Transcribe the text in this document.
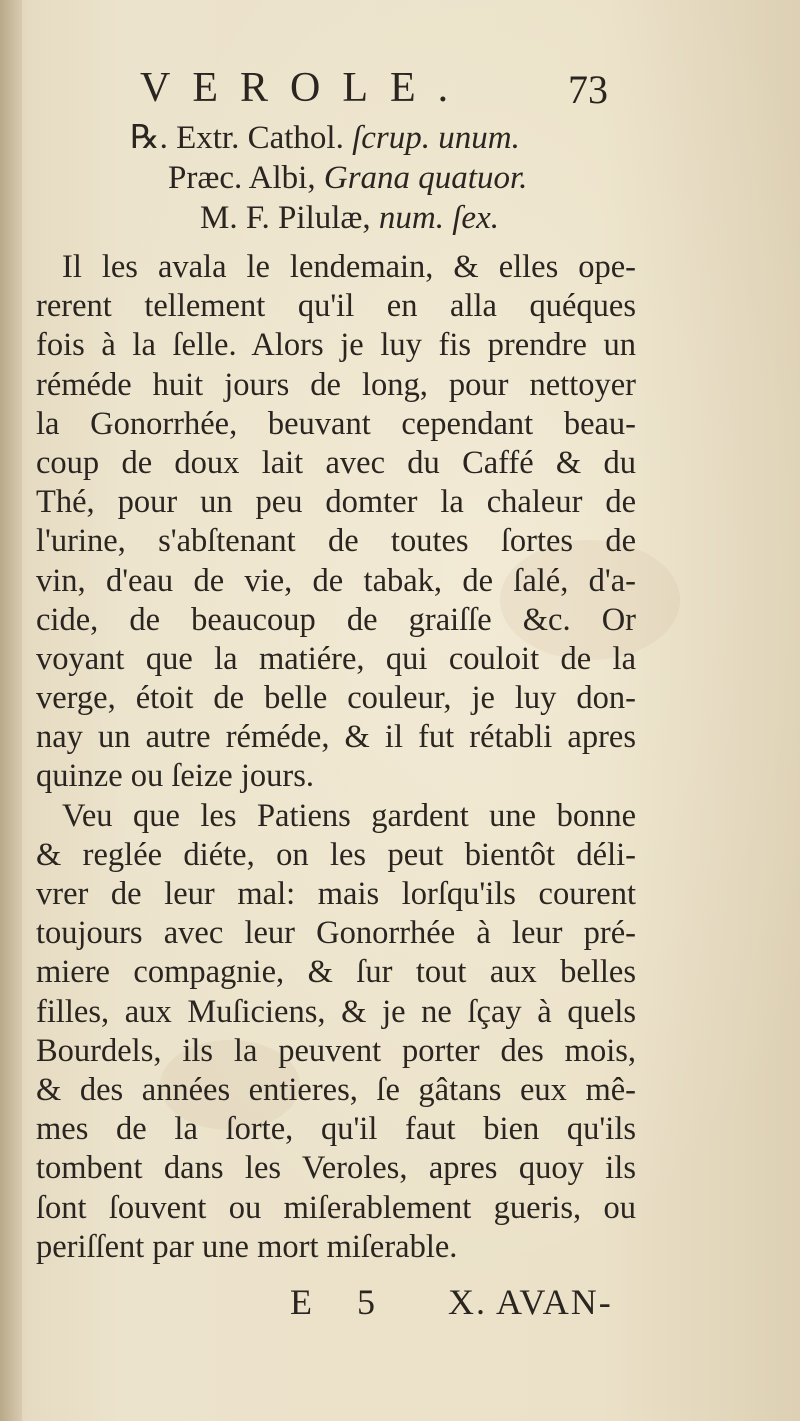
VEROLE. 73
℞. Extr. Cathol. ſcrup. unum.
Præc. Albi, Grana quatuor.
M. F. Pilulæ, num. ſex.
Il les avala le lendemain, & elles ope-
rerent tellement qu'il en alla quéques
fois à la ſelle. Alors je luy fis prendre un
réméde huit jours de long, pour nettoyer
la Gonorrhée, beuvant cependant beau-
coup de doux lait avec du Caffé & du
Thé, pour un peu domter la chaleur de
l'urine, s'abſtenant de toutes ſortes de
vin, d'eau de vie, de tabak, de ſalé, d'a-
cide, de beaucoup de graiſſe &c. Or
voyant que la matiére, qui couloit de la
verge, étoit de belle couleur, je luy don-
nay un autre réméde, & il fut rétabli apres
quinze ou ſeize jours.
Veu que les Patiens gardent une bonne
& reglée diéte, on les peut bientôt déli-
vrer de leur mal: mais lorſqu'ils courent
toujours avec leur Gonorrhée à leur pré-
miere compagnie, & ſur tout aux belles
filles, aux Muſiciens, & je ne ſçay à quels
Bourdels, ils la peuvent porter des mois,
& des années entieres, ſe gâtans eux mê-
mes de la ſorte, qu'il faut bien qu'ils
tombent dans les Veroles, apres quoy ils
ſont ſouvent ou miſerablement gueris, ou
periſſent par une mort miſerable.
E 5 X. AVAN-
